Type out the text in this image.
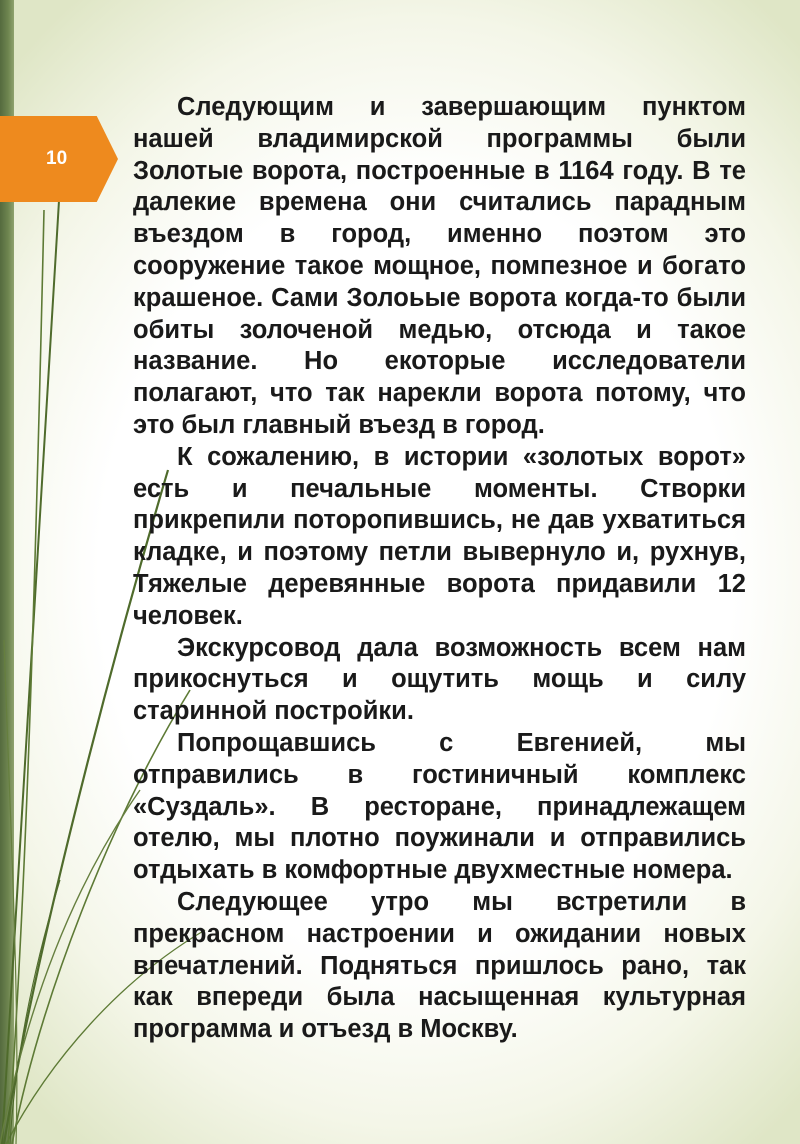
10

Следующим и завершающим пунктом нашей владимирской программы были Золотые ворота, построенные в 1164 году. В те далекие времена они считались парадным въездом в город, именно поэтом это сооружение такое мощное, помпезное и богато крашеное. Сами Золоьые ворота когда-то были обиты золоченой медью, отсюда и такое название. Но екоторые исследователи полагают, что так нарекли ворота потому, что это был главный въезд в город.

К сожалению, в истории «золотых ворот» есть и печальные моменты. Створки прикрепили поторопившись, не дав ухватиться кладке, и поэтому петли вывернуло и, рухнув, Тяжелые деревянные ворота придавили 12 человек.

Экскурсовод дала возможность всем нам прикоснуться и ощутить мощь и силу старинной постройки.

Попрощавшись с Евгенией, мы отправились в гостиничный комплекс «Суздаль». В ресторане, принадлежащем отелю, мы плотно поужинали и отправились отдыхать в комфортные двухместные номера.

Следующее утро мы встретили в прекрасном настроении и ожидании новых впечатлений. Подняться пришлось рано, так как впереди была насыщенная культурная программа и отъезд в Москву.
